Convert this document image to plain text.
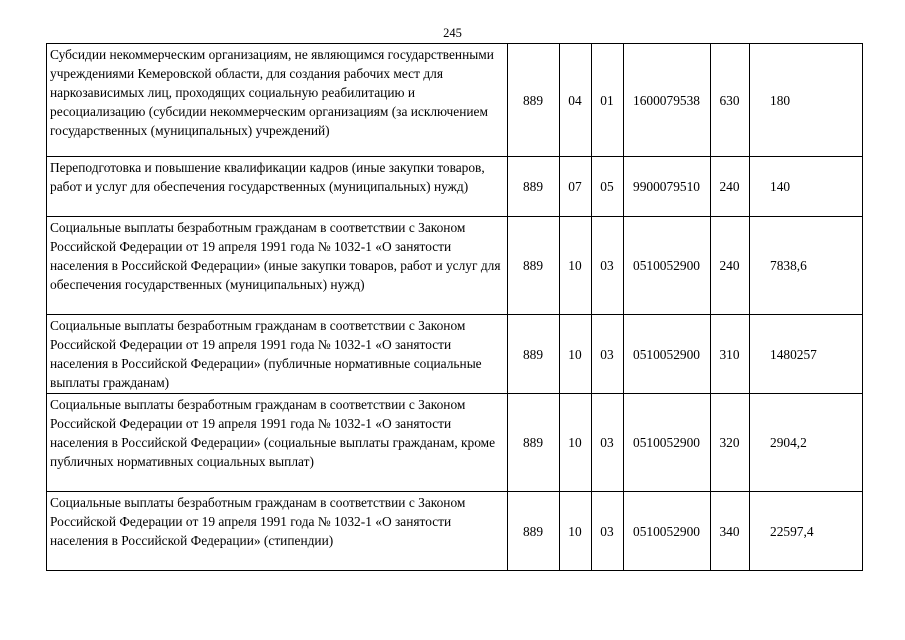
245
Субсидии некоммерческим организациям, не являющимся государственными учреждениями Кемеровской области, для создания рабочих мест для наркозависимых лиц, проходящих социальную реабилитацию и ресоциализацию (субсидии некоммерческим организациям (за исключением государственных (муниципальных) учреждений)	889	04	01	1600079538	630	180
Переподготовка и повышение квалификации кадров (иные закупки товаров, работ и услуг для обеспечения государственных (муниципальных) нужд)	889	07	05	9900079510	240	140
Социальные выплаты безработным гражданам в соответствии с Законом Российской Федерации от 19 апреля 1991 года № 1032-1 «О занятости населения в Российской Федерации» (иные закупки товаров, работ и услуг для обеспечения государственных (муниципальных) нужд)	889	10	03	0510052900	240	7838,6
Социальные выплаты безработным гражданам в соответствии с Законом Российской Федерации от 19 апреля 1991 года № 1032-1 «О занятости населения в Российской Федерации» (публичные нормативные социальные выплаты гражданам)	889	10	03	0510052900	310	1480257
Социальные выплаты безработным гражданам в соответствии с Законом Российской Федерации от 19 апреля 1991 года № 1032-1 «О занятости населения в Российской Федерации» (социальные выплаты гражданам, кроме публичных нормативных социальных выплат)	889	10	03	0510052900	320	2904,2
Социальные выплаты безработным гражданам в соответствии с Законом Российской Федерации от 19 апреля 1991 года № 1032-1 «О занятости населения в Российской Федерации» (стипендии)	889	10	03	0510052900	340	22597,4
